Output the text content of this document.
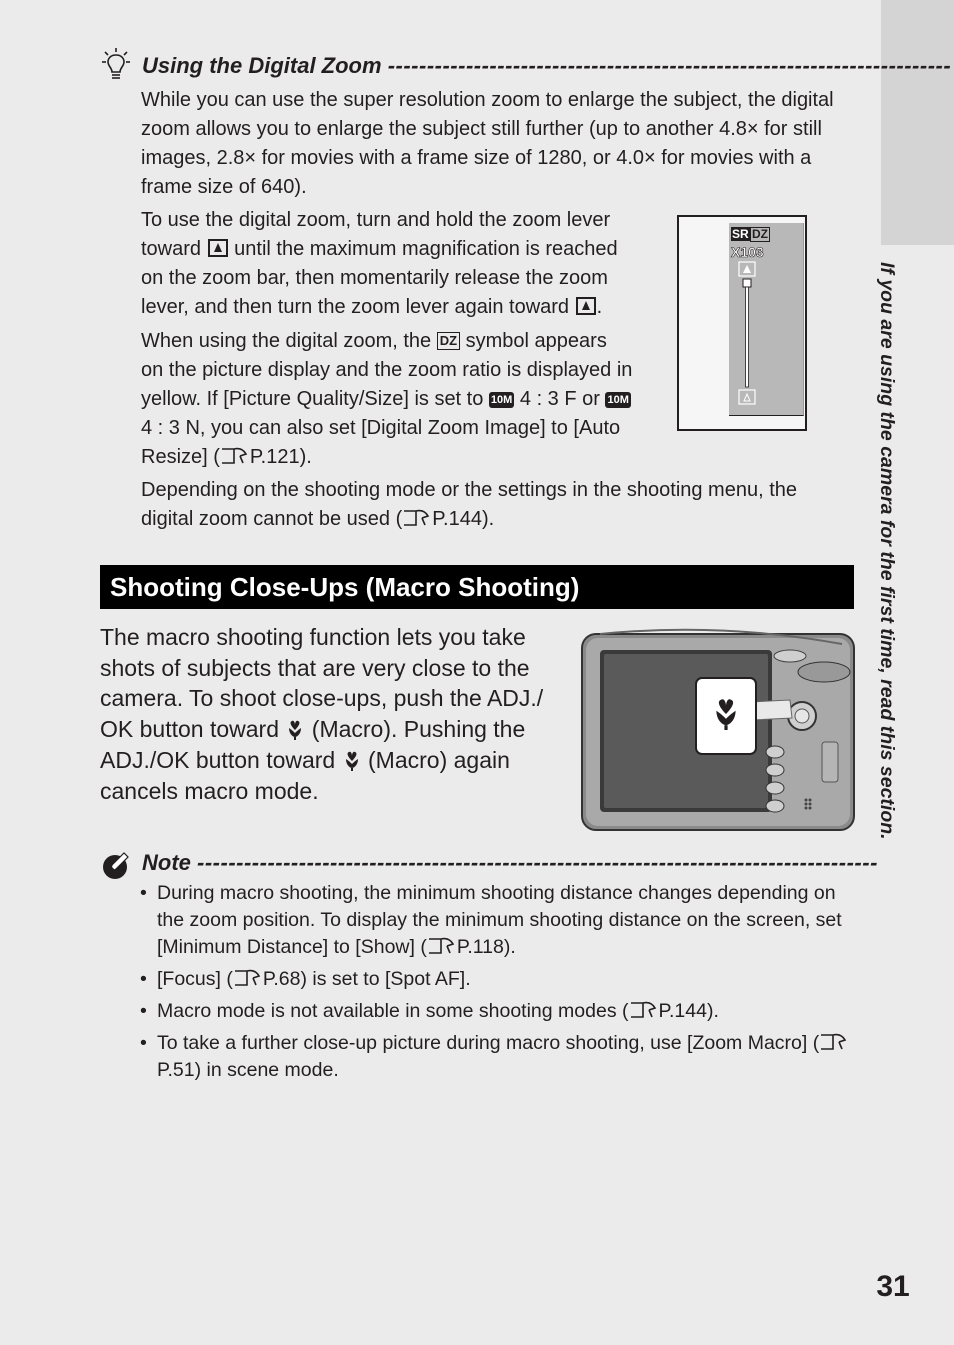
If you are using the camera for the first time, read this section.
Using the Digital Zoom ------------------------------------------------------------------------
While you can use the super resolution zoom to enlarge the subject, the digital zoom allows you to enlarge the subject still further (up to another 4.8× for still images, 2.8× for movies with a frame size of 1280, or 4.0× for movies with a frame size of 640).
To use the digital zoom, turn and hold the zoom lever toward until the maximum magnification is reached on the zoom bar, then momentarily release the zoom lever, and then turn the zoom lever again toward .
When using the digital zoom, the DZ symbol appears on the picture display and the zoom ratio is displayed in yellow. If [Picture Quality/Size] is set to 10M 4 : 3 F or 10M 4 : 3 N, you can also set [Digital Zoom Image] to [Auto Resize] ( P.121).
SR DZ
X103
Depending on the shooting mode or the settings in the shooting menu, the digital zoom cannot be used ( P.144).
Shooting Close-Ups (Macro Shooting)
The macro shooting function lets you take shots of subjects that are very close to the camera. To shoot close-ups, push the ADJ./ OK button toward (Macro). Pushing the ADJ./OK button toward (Macro) again cancels macro mode.
Note ---------------------------------------------------------------------------------------
• During macro shooting, the minimum shooting distance changes depending on the zoom position. To display the minimum shooting distance on the screen, set [Minimum Distance] to [Show] ( P.118).
• [Focus] ( P.68) is set to [Spot AF].
• Macro mode is not available in some shooting modes ( P.144).
• To take a further close-up picture during macro shooting, use [Zoom Macro] (P.51) in scene mode.
31
